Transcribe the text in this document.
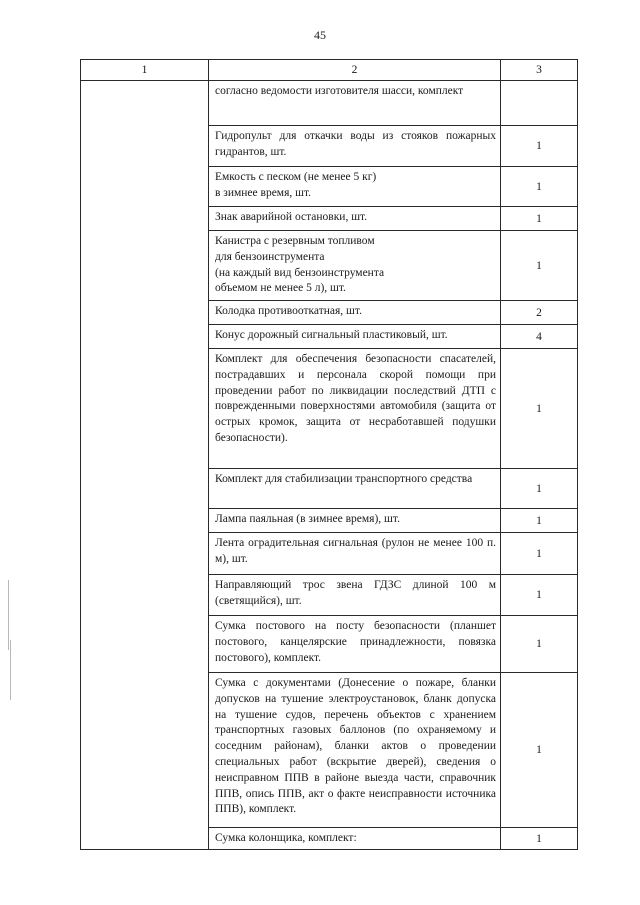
45
1	2	3
	согласно ведомости изготовителя шасси, комплект	
	Гидропульт для откачки воды из стояков пожарных гидрантов, шт.	1
	Емкость с песком (не менее 5 кг)
в зимнее время, шт.	1
	Знак аварийной остановки, шт.	1
	Канистра с резервным топливом
для бензоинструмента
(на каждый вид бензоинструмента
объемом не менее 5 л), шт.	1
	Колодка противооткатная, шт.	2
	Конус дорожный сигнальный пластиковый, шт.	4
	Комплект для обеспечения безопасности спасателей, пострадавших и персонала скорой помощи при проведении работ по ликвидации последствий ДТП с поврежденными поверхностями автомобиля (защита от острых кромок, защита от несработавшей подушки безопасности).	1
	Комплект для стабилизации транспортного средства	1
	Лампа паяльная (в зимнее время), шт.	1
	Лента оградительная сигнальная (рулон не менее 100 п. м), шт.	1
	Направляющий трос звена ГДЗС длиной 100 м (светящийся), шт.	1
	Сумка постового на посту безопасности (планшет постового, канцелярские принадлежности, повязка постового), комплект.	1
	Сумка с документами (Донесение о пожаре, бланки допусков на тушение электроустановок, бланк допуска на тушение судов, перечень объектов с хранением транспортных газовых баллонов (по охраняемому и соседним районам), бланки актов о проведении специальных работ (вскрытие дверей), сведения о неисправном ППВ в районе выезда части, справочник ППВ, опись ППВ, акт о факте неисправности источника ППВ), комплект.	1
	Сумка колонщика, комплект:	1
